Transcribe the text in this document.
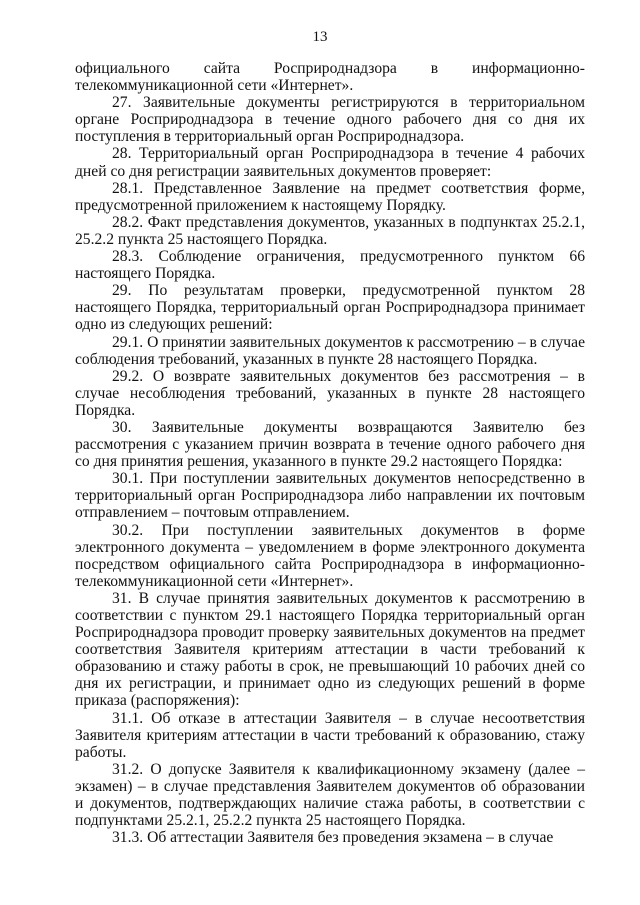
13

официального сайта Росприроднадзора в информационно-телекоммуникационной сети «Интернет».

27. Заявительные документы регистрируются в территориальном органе Росприроднадзора в течение одного рабочего дня со дня их поступления в территориальный орган Росприроднадзора.

28. Территориальный орган Росприроднадзора в течение 4 рабочих дней со дня регистрации заявительных документов проверяет:

28.1. Представленное Заявление на предмет соответствия форме, предусмотренной приложением к настоящему Порядку.

28.2. Факт представления документов, указанных в подпунктах 25.2.1, 25.2.2 пункта 25 настоящего Порядка.

28.3. Соблюдение ограничения, предусмотренного пунктом 66 настоящего Порядка.

29. По результатам проверки, предусмотренной пунктом 28 настоящего Порядка, территориальный орган Росприроднадзора принимает одно из следующих решений:

29.1. О принятии заявительных документов к рассмотрению – в случае соблюдения требований, указанных в пункте 28 настоящего Порядка.

29.2. О возврате заявительных документов без рассмотрения – в случае несоблюдения требований, указанных в пункте 28 настоящего Порядка.

30. Заявительные документы возвращаются Заявителю без рассмотрения с указанием причин возврата в течение одного рабочего дня со дня принятия решения, указанного в пункте 29.2 настоящего Порядка:

30.1. При поступлении заявительных документов непосредственно в территориальный орган Росприроднадзора либо направлении их почтовым отправлением – почтовым отправлением.

30.2. При поступлении заявительных документов в форме электронного документа – уведомлением в форме электронного документа посредством официального сайта Росприроднадзора в информационно-телекоммуникационной сети «Интернет».

31. В случае принятия заявительных документов к рассмотрению в соответствии с пунктом 29.1 настоящего Порядка территориальный орган Росприроднадзора проводит проверку заявительных документов на предмет соответствия Заявителя критериям аттестации в части требований к образованию и стажу работы в срок, не превышающий 10 рабочих дней со дня их регистрации, и принимает одно из следующих решений в форме приказа (распоряжения):

31.1. Об отказе в аттестации Заявителя – в случае несоответствия Заявителя критериям аттестации в части требований к образованию, стажу работы.

31.2. О допуске Заявителя к квалификационному экзамену (далее – экзамен) – в случае представления Заявителем документов об образовании и документов, подтверждающих наличие стажа работы, в соответствии с подпунктами 25.2.1, 25.2.2 пункта 25 настоящего Порядка.

31.3. Об аттестации Заявителя без проведения экзамена – в случае
